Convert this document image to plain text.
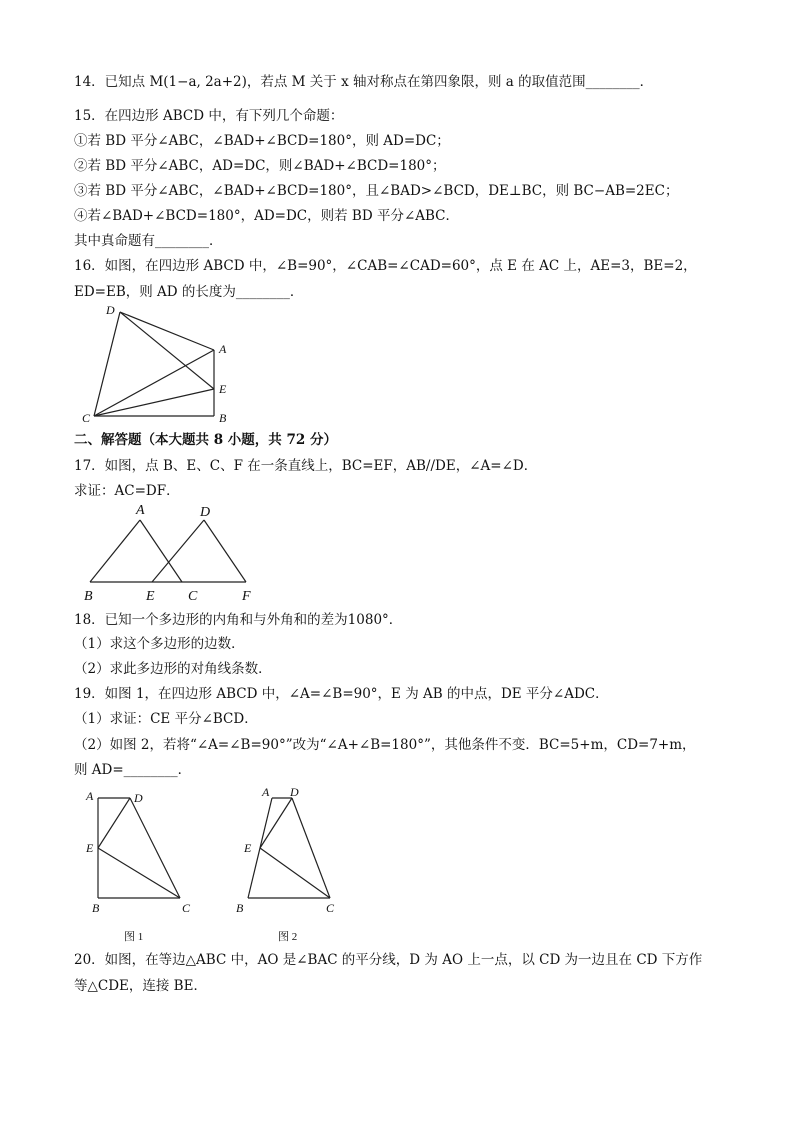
14．已知点 M(1−a, 2a+2)，若点 M 关于 x 轴对称点在第四象限，则 a 的取值范围________．
15．在四边形 ABCD 中，有下列几个命题：
①若 BD 平分∠ABC，∠BAD+∠BCD=180°，则 AD=DC；
②若 BD 平分∠ABC，AD=DC，则∠BAD+∠BCD=180°；
③若 BD 平分∠ABC，∠BAD+∠BCD=180°，且∠BAD>∠BCD，DE⊥BC，则 BC−AB=2EC；
④若∠BAD+∠BCD=180°，AD=DC，则若 BD 平分∠ABC．
其中真命题有________．
16．如图，在四边形 ABCD 中，∠B=90°，∠CAB=∠CAD=60°，点 E 在 AC 上，AE=3，BE=2，
ED=EB，则 AD 的长度为________．
D
A
E
C	B
二、解答题（本大题共 8 小题，共 72 分）
17．如图，点 B、E、C、F 在一条直线上，BC=EF，AB//DE，∠A=∠D．
求证：AC=DF．
A	D
B	E C	F
18．已知一个多边形的内角和与外角和的差为1080°．
（1）求这个多边形的边数．
（2）求此多边形的对角线条数．
19．如图 1，在四边形 ABCD 中，∠A=∠B=90°，E 为 AB 的中点，DE 平分∠ADC．
（1）求证：CE 平分∠BCD．
（2）如图 2，若将“∠A=∠B=90°”改为“∠A+∠B=180°”，其他条件不变．BC=5+m，CD=7+m，
则 AD=________．
A	D
E
B	C
图 1
A D
E
B	C
图 2
20．如图，在等边△ABC 中，AO 是∠BAC 的平分线，D 为 AO 上一点，以 CD 为一边且在 CD 下方作
等△CDE，连接 BE．
